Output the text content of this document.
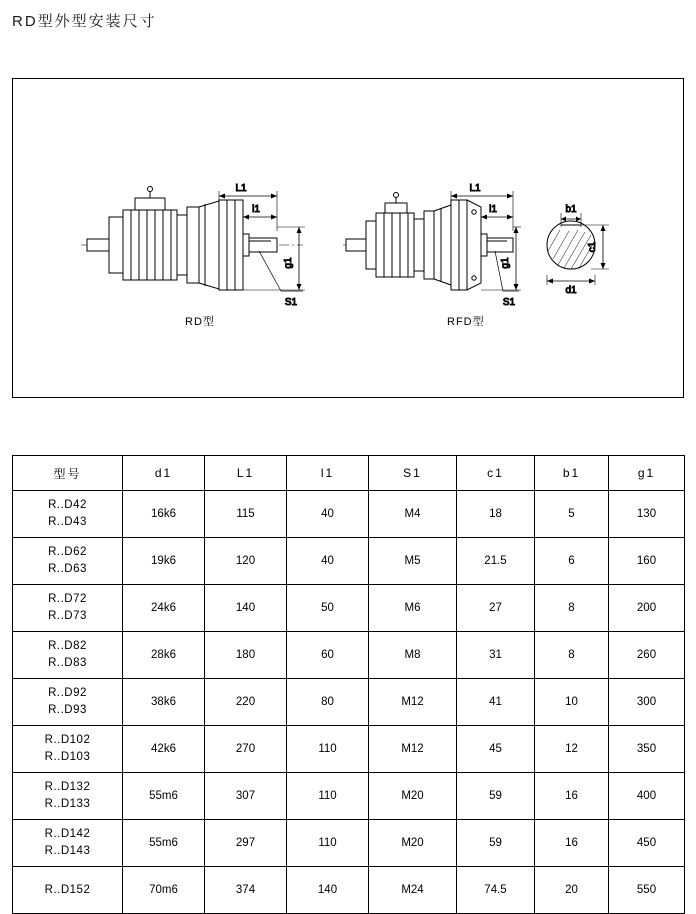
RD型外型安装尺寸
L1
l1
g1
S1
L1
l1
g1
S1
b1
c1
d1
RD型	RFD型
型号	d1	L1	l1	S1	c1	b1	g1

R..D42
R..D43	16k6	115	40	M4	18	5	130

R..D62
R..D63	19k6	120	40	M5	21.5	6	160

R..D72
R..D73	24k6	140	50	M6	27	8	200

R..D82
R..D83	28k6	180	60	M8	31	8	260

R..D92
R..D93	38k6	220	80	M12	41	10	300

R..D102
R..D103	42k6	270	110	M12	45	12	350

R..D132
R..D133	55m6	307	110	M20	59	16	400

R..D142
R..D143	55m6	297	110	M20	59	16	450

R..D152	70m6	374	140	M24	74.5	20	550
